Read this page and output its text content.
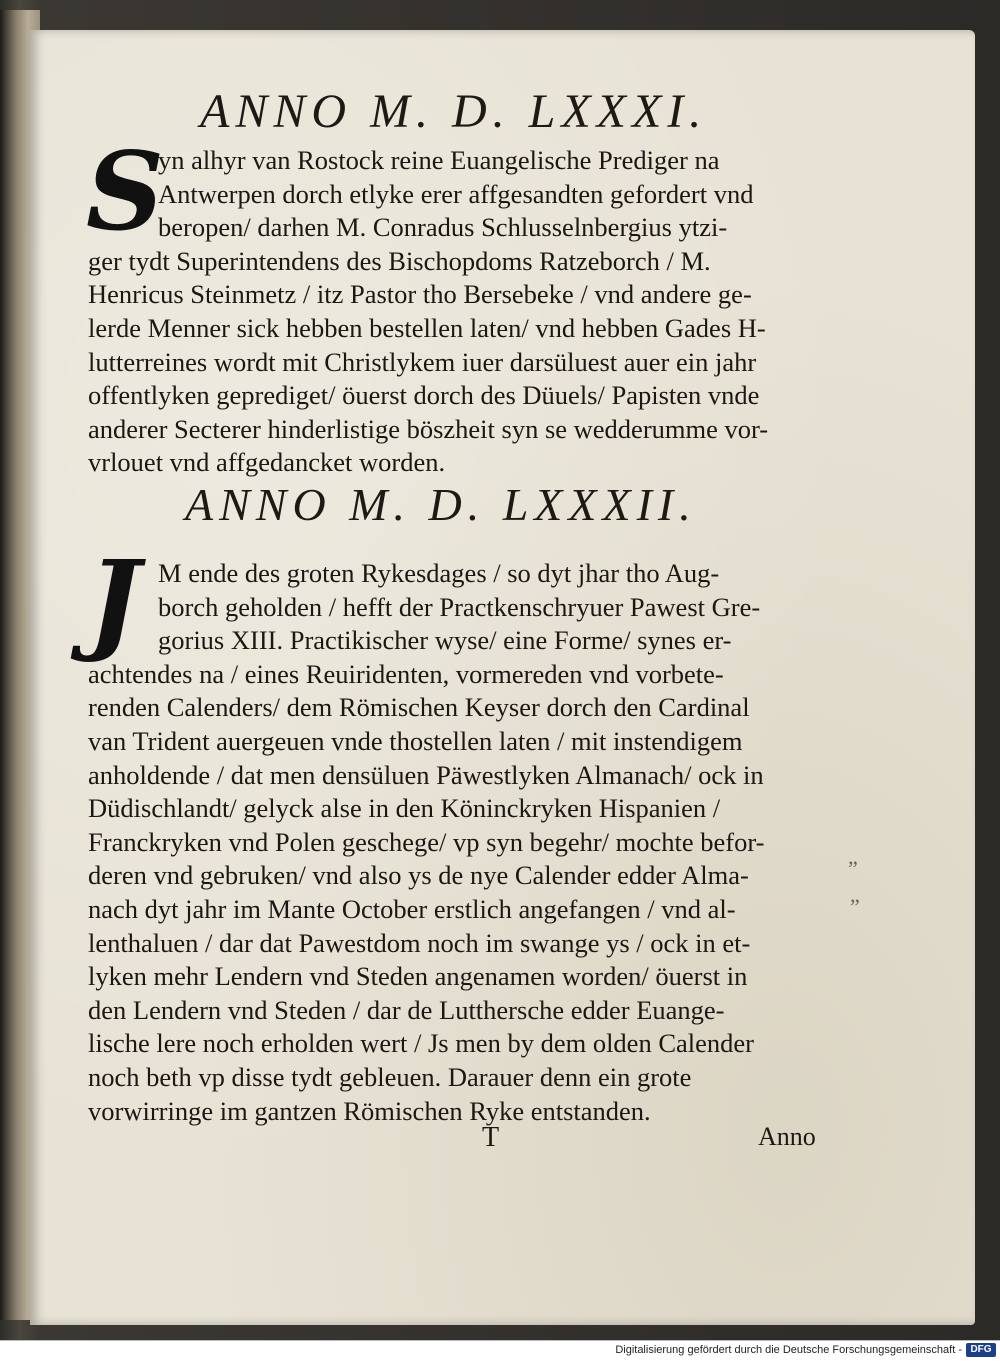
ANNO M. D. LXXXI.
S
yn alhyr van Rostock reine Euangelische Prediger na
Antwerpen dorch etlyke erer affgesandten gefordert vnd
beropen/ darhen M. Conradus Schlusselnbergius ytzi-
ger tydt Superintendens des Bischopdoms Ratzeborch / M.
Henricus Steinmetz / itz Pastor tho Bersebeke / vnd andere ge-
lerde Menner sick hebben bestellen laten/ vnd hebben Gades H-
lutterreines wordt mit Christlykem iuer darsüluest auer ein jahr
offentlyken geprediget/ öuerst dorch des Düuels/ Papisten vnde
anderer Secterer hinderlistige böszheit syn se wedderumme vor-
vrlouet vnd affgedancket worden.
ANNO M. D. LXXXII.
J M ende des groten Rykesdages / so dyt jhar tho Aug-
borch geholden / hefft der Practkenschryuer Pawest Gre-
gorius XIII. Practikischer wyse/ eine Forme/ synes er-
achtendes na / eines Reuiridenten, vormereden vnd vorbete-
renden Calenders/ dem Römischen Keyser dorch den Cardinal
van Trident auergeuen vnde thostellen laten / mit instendigem
anholdende / dat men densüluen Päwestlyken Almanach/ ock in
Düdischlandt/ gelyck alse in den Köninckryken Hispanien /
Franckryken vnd Polen geschege/ vp syn begehr/ mochte befor-
deren vnd gebruken/ vnd also ys de nye Calender edder Alma-
nach dyt jahr im Mante October erstlich angefangen / vnd al-
lenthaluen / dar dat Pawestdom noch im swange ys / ock in et-
lyken mehr Lendern vnd Steden angenamen worden/ öuerst in
den Lendern vnd Steden / dar de Lutthersche edder Euange-
lische lere noch erholden wert / Js men by dem olden Calender
noch beth vp disse tydt gebleuen. Darauer denn ein grote
vorwirringe im gantzen Römischen Ryke entstanden.
„
„
T	Anno
Digitalisierung gefördert durch die Deutsche Forschungsgemeinschaft - DFG
